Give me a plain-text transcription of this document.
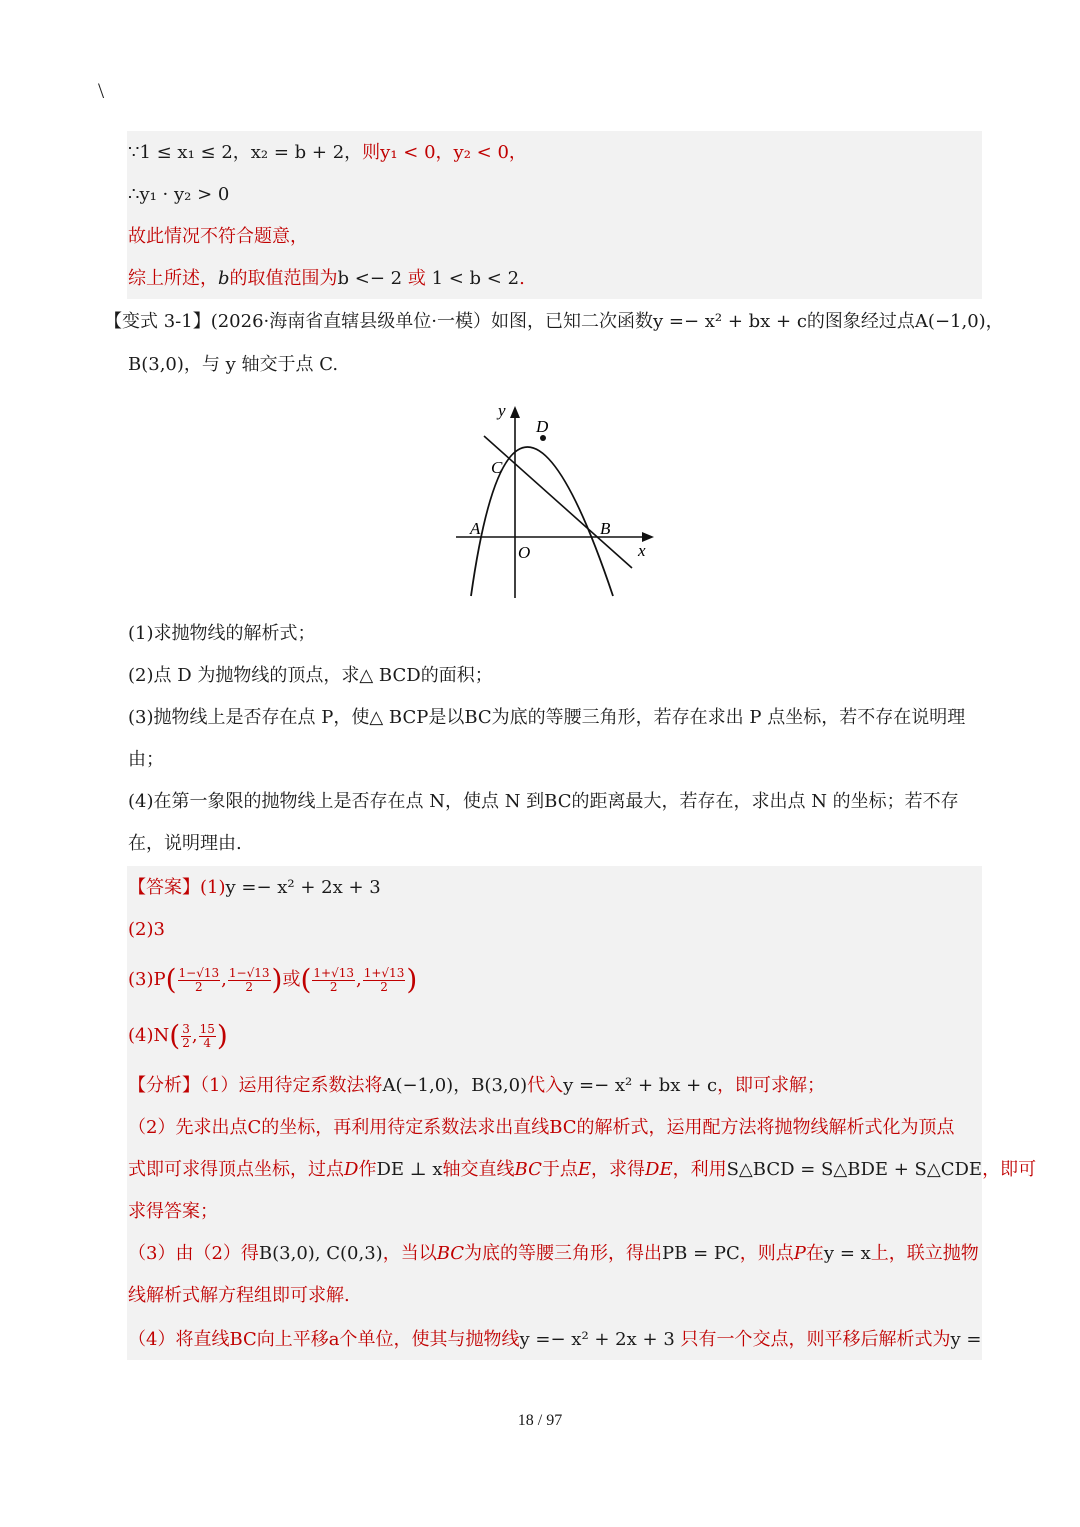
\
∵1 ≤ x₁ ≤ 2，x₂ = b + 2，则y₁ < 0，y₂ < 0，
∴y₁ · y₂ > 0
故此情况不符合题意，
综上所述，b的取值范围为b <− 2 或 1 < b < 2.
【变式 3-1】(2026·海南省直辖县级单位·一模）如图，已知二次函数y =− x² + bx + c的图象经过点A(−1,0)，
B(3,0)，与 y 轴交于点 C.
y
x
O
A	B
C
D
(1)求抛物线的解析式；
(2)点 D 为抛物线的顶点，求△ BCD的面积；
(3)抛物线上是否存在点 P，使△ BCP是以BC为底的等腰三角形，若存在求出 P 点坐标，若不存在说明理
由；
(4)在第一象限的抛物线上是否存在点 N，使点 N 到BC的距离最大，若存在，求出点 N 的坐标；若不存
在，说明理由.
【答案】(1)y =− x² + 2x + 3
(2)3
$(3)P( \frac{1-√13}{2}$ , $\frac{1-√13}{2}$ )或( $\frac{1+√13}{2}$ , $\frac{1+√13}{2}$ )
$(4)N( \frac{3}{2}$ , $\frac{15}{4}$ )
【分析】（1）运用待定系数法将A(−1,0)，B(3,0)代入y =− x² + bx + c，即可求解；
（2）先求出点C的坐标，再利用待定系数法求出直线BC的解析式，运用配方法将抛物线解析式化为顶点
式即可求得顶点坐标，过点D作DE ⊥ x轴交直线BC于点E，求得DE，利用S△BCD = S△BDE + S△CDE，即可
求得答案；
（3）由（2）得B(3,0), C(0,3)，当以BC为底的等腰三角形，得出PB = PC，则点P在y = x上，联立抛物
线解析式解方程组即可求解.
（4）将直线BC向上平移a个单位，使其与抛物线y =− x² + 2x + 3 只有一个交点，则平移后解析式为y =
18 / 97
